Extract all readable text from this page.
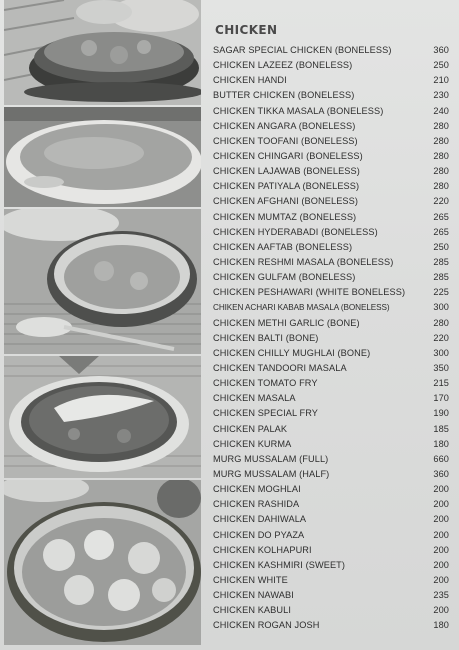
CHICKEN
SAGAR SPECIAL CHICKEN (BONELESS)	360
CHICKEN LAZEEZ (BONELESS)	250
CHICKEN HANDI	210
BUTTER CHICKEN (BONELESS)	230
CHICKEN TIKKA MASALA (BONELESS)	240
CHICKEN ANGARA (BONELESS)	280
CHICKEN TOOFANI (BONELESS)	280
CHICKEN CHINGARI (BONELESS)	280
CHICKEN LAJAWAB (BONELESS)	280
CHICKEN PATIYALA (BONELESS)	280
CHICKEN AFGHANI (BONELESS)	220
CHICKEN MUMTAZ (BONELESS)	265
CHICKEN HYDERABADI (BONELESS)	265
CHICKEN AAFTAB (BONELESS)	250
CHICKEN RESHMI MASALA (BONELESS)	285
CHICKEN GULFAM (BONELESS)	285
CHICKEN PESHAWARI (WHITE BONELESS)	225
CHIKEN ACHARI KABAB MASALA (BONELESS)	300
CHICKEN METHI GARLIC (BONE)	280
CHICKEN BALTI (BONE)	220
CHICKEN CHILLY MUGHLAI (BONE)	300
CHICKEN TANDOORI MASALA	350
CHICKEN TOMATO FRY	215
CHICKEN MASALA	170
CHICKEN SPECIAL FRY	190
CHICKEN PALAK	185
CHICKEN KURMA	180
MURG MUSSALAM (FULL)	660
MURG MUSSALAM (HALF)	360
CHICKEN MOGHLAI	200
CHICKEN RASHIDA	200
CHICKEN DAHIWALA	200
CHICKEN DO PYAZA	200
CHICKEN KOLHAPURI	200
CHICKEN KASHMIRI (SWEET)	200
CHICKEN WHITE	200
CHICKEN NAWABI	235
CHICKEN KABULI	200
CHICKEN ROGAN JOSH	180
